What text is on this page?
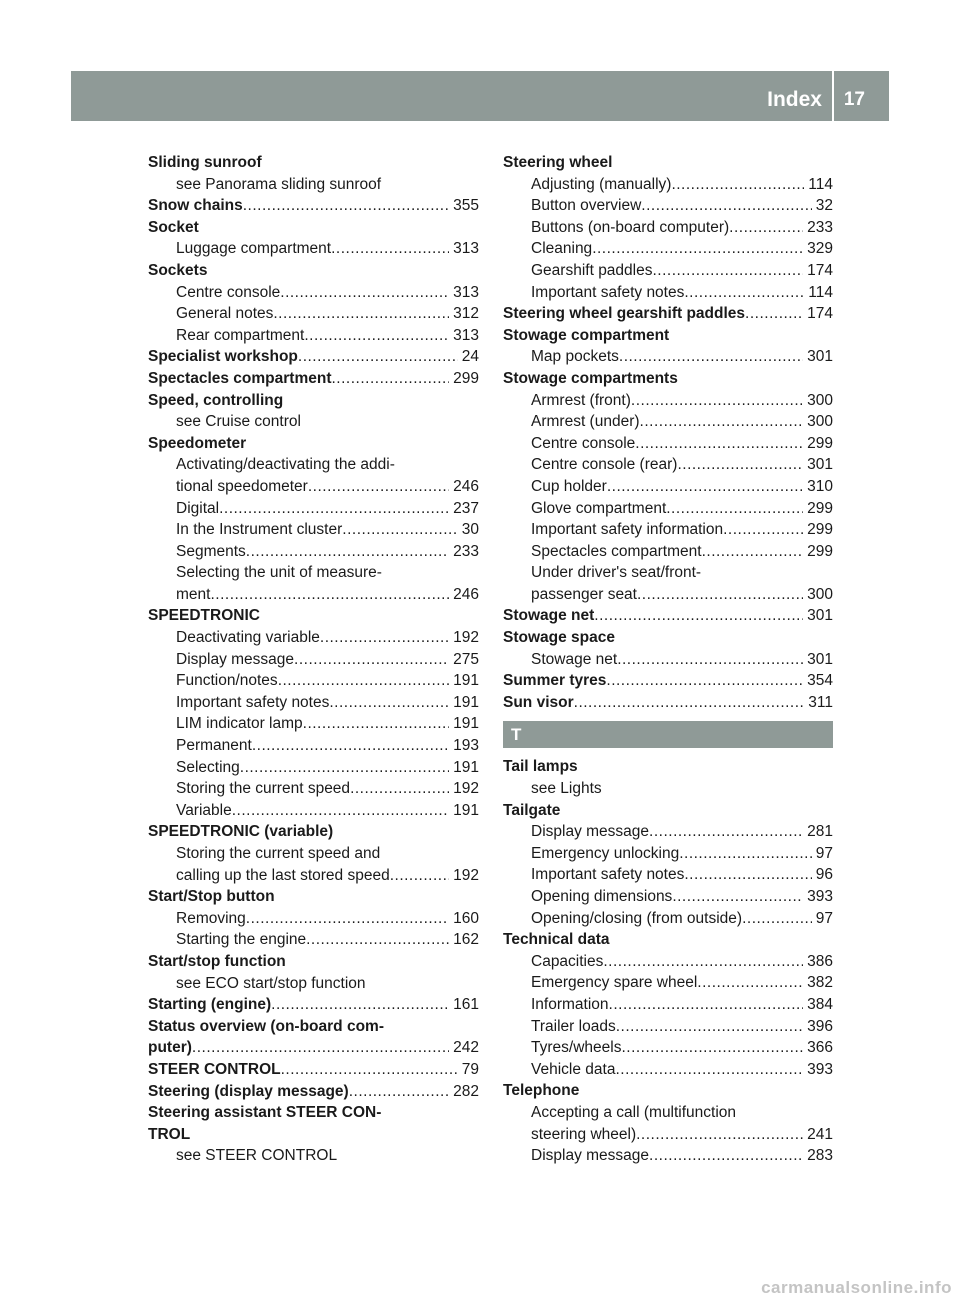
Index 17
Sliding sunroof
see Panorama sliding sunroof
Snow chains .....	355
Socket
Luggage compartment .....	313
Sockets
Centre console .....	313
General notes .....	312
Rear compartment .....	313
Specialist workshop .....	24
Spectacles compartment .....	299
Speed, controlling
see Cruise control
Speedometer
Activating/deactivating the addi-
tional speedometer .....	246
Digital .....	237
In the Instrument cluster .....	30
Segments .....	233
Selecting the unit of measure-
ment .....	246
SPEEDTRONIC
Deactivating variable .....	192
Display message .....	275
Function/notes .....	191
Important safety notes .....	191
LIM indicator lamp .....	191
Permanent .....	193
Selecting .....	191
Storing the current speed .....	192
Variable .....	191
SPEEDTRONIC (variable)
Storing the current speed and
calling up the last stored speed .....	192
Start/Stop button
Removing .....	160
Starting the engine .....	162
Start/stop function
see ECO start/stop function
Starting (engine) .....	161
Status overview (on-board com-
puter) .....	242
STEER CONTROL .....	79
Steering (display message) .....	282
Steering assistant STEER CON-
TROL
see STEER CONTROL
Steering wheel
Adjusting (manually) .....	114
Button overview .....	32
Buttons (on-board computer) .....	233
Cleaning .....	329
Gearshift paddles .....	174
Important safety notes .....	114
Steering wheel gearshift paddles .....	174
Stowage compartment
Map pockets .....	301
Stowage compartments
Armrest (front) .....	300
Armrest (under) .....	300
Centre console .....	299
Centre console (rear) .....	301
Cup holder .....	310
Glove compartment .....	299
Important safety information .....	299
Spectacles compartment .....	299
Under driver's seat/front-
passenger seat .....	300
Stowage net .....	301
Stowage space
Stowage net .....	301
Summer tyres .....	354
Sun visor .....	311
T
Tail lamps
see Lights
Tailgate
Display message .....	281
Emergency unlocking .....	97
Important safety notes .....	96
Opening dimensions .....	393
Opening/closing (from outside) .....	97
Technical data
Capacities .....	386
Emergency spare wheel .....	382
Information .....	384
Trailer loads .....	396
Tyres/wheels .....	366
Vehicle data .....	393
Telephone
Accepting a call (multifunction
steering wheel) .....	241
Display message .....	283
carmanualsonline.info
